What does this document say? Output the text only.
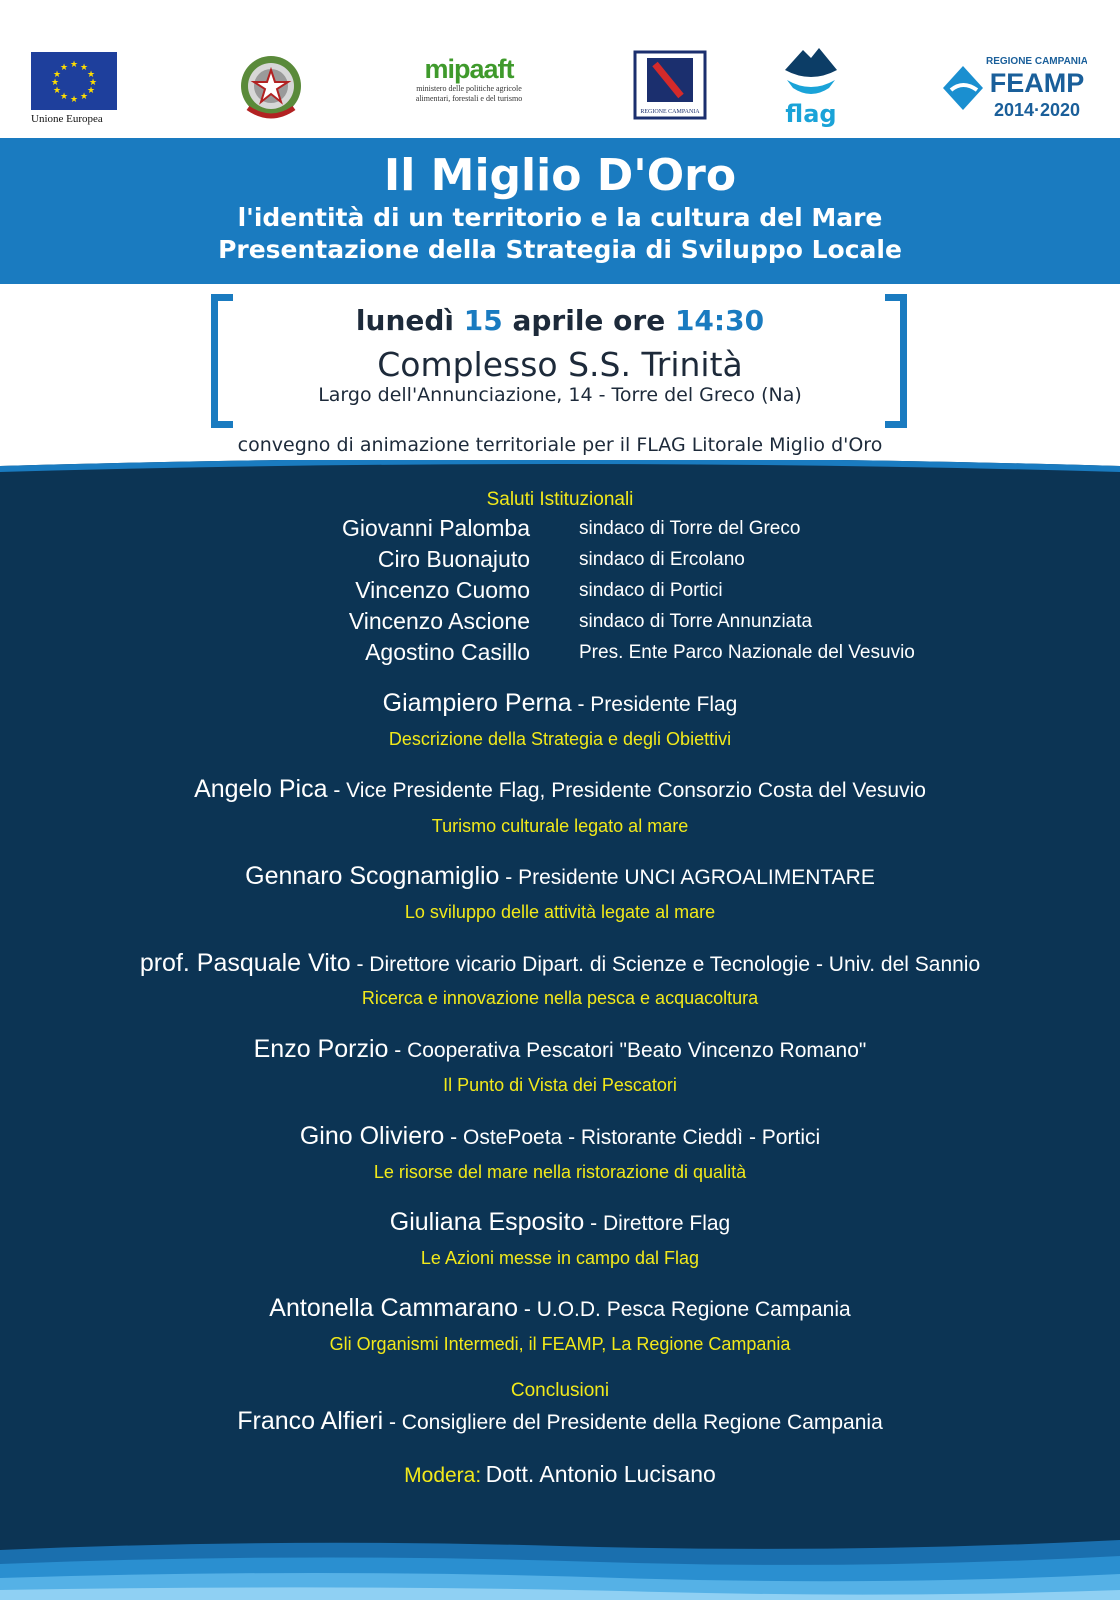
★ ★
★
★
★
★
★
★
★
★
★
★
Unione Europea
mipaaft
ministero delle politiche agricole
alimentari, forestali e del turismo
REGIONE CAMPANIA	flag
REGIONE CAMPANIA
FEAMP
2014·2020
Il Miglio D'Oro
l'identità di un territorio e la cultura del Mare
Presentazione della Strategia di Sviluppo Locale
lunedì 15 aprile ore 14:30
Complesso S.S. Trinità
Largo dell'Annunciazione, 14 - Torre del Greco (Na)
convegno di animazione territoriale per il FLAG Litorale Miglio d'Oro
Saluti Istituzionali
Giovanni Palomba	sindaco di Torre del Greco
Ciro Buonajuto	sindaco di Ercolano
Vincenzo Cuomo	sindaco di Portici
Vincenzo Ascione	sindaco di Torre Annunziata
Agostino Casillo	Pres. Ente Parco Nazionale del Vesuvio
Giampiero Perna - Presidente Flag
Descrizione della Strategia e degli Obiettivi
Angelo Pica - Vice Presidente Flag, Presidente Consorzio Costa del Vesuvio
Turismo culturale legato al mare
Gennaro Scognamiglio - Presidente UNCI AGROALIMENTARE
Lo sviluppo delle attività legate al mare
prof. Pasquale Vito - Direttore vicario Dipart. di Scienze e Tecnologie - Univ. del Sannio
Ricerca e innovazione nella pesca e acquacoltura
Enzo Porzio - Cooperativa Pescatori "Beato Vincenzo Romano"
Il Punto di Vista dei Pescatori
Gino Oliviero - OstePoeta - Ristorante Cieddì - Portici
Le risorse del mare nella ristorazione di qualità
Giuliana Esposito - Direttore Flag
Le Azioni messe in campo dal Flag
Antonella Cammarano - U.O.D. Pesca Regione Campania
Gli Organismi Intermedi, il FEAMP, La Regione Campania
Conclusioni
Franco Alfieri - Consigliere del Presidente della Regione Campania
Modera: Dott. Antonio Lucisano
